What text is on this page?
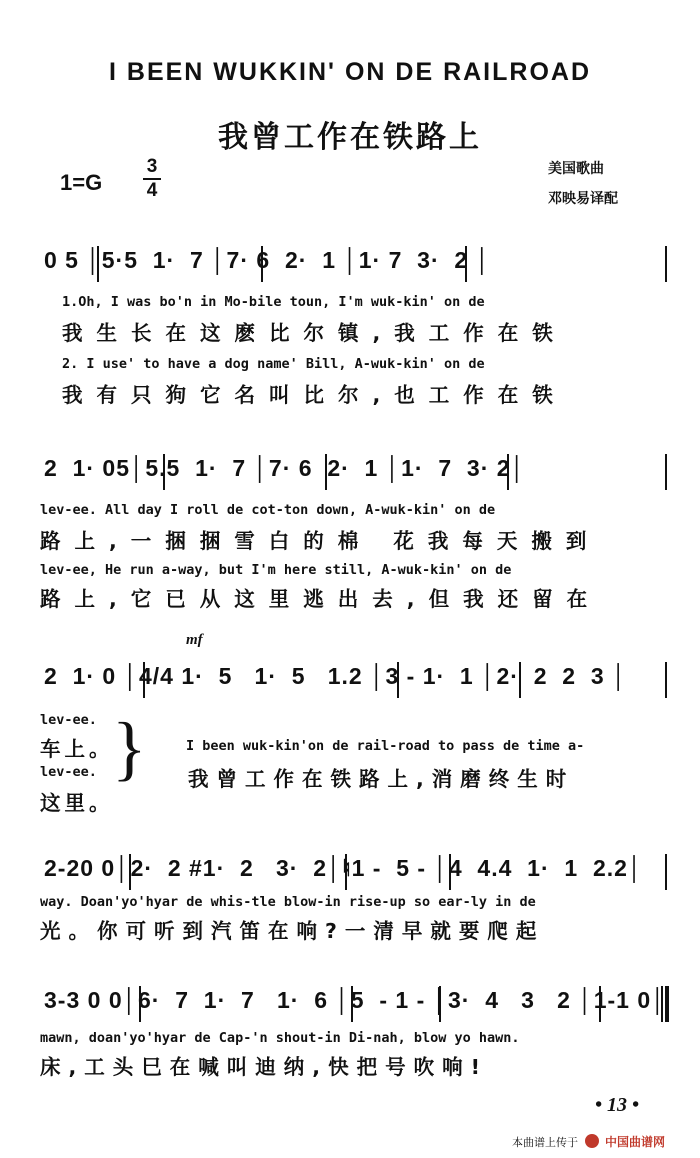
I BEEN WUKKIN' ON DE RAILROAD
我曾工作在铁路上
1=G
3
4
美国歌曲
邓映易译配
0 5 │5·5  1·  7 │7· 6  2·  1 │1· 7  3·  2 │
1.Oh, I was bo'n in Mo-bile toun, I'm wuk-kin' on de
我生长在这麽比尔镇,我工作在铁
2. I use' to have a dog name' Bill, A-wuk-kin' on de
我有只狗它名叫比尔,也工作在铁
2  1· 05│5.5  1·  7 │7· 6  2·  1 │1·  7  3· 2│
lev-ee. All day I roll de cot-ton down, A-wuk-kin' on de
路上,一捆捆雪白的棉 花我每天搬到
lev-ee, He run a-way, but I'm here still, A-wuk-kin' on de
路上,它已从这里逃出去,但我还留在
mf
2  1· 0 │4/4 1·  5   1·  5   1.2 │3 - 1·  1 │2·  2  2  3 │
lev-ee.
车上。
lev-ee.
这里。
}	I been wuk-kin'on de rail-road to pass de time a-
我曾工作在铁路上,消磨终生时
2-20 0│2·  2 #1·  2   3·  2│♮1 -  5 - │4  4.4  1·  1  2.2│
way. Doan'yo'hyar de whis-tle blow-in rise-up so ear-ly in de
光。你可听到汽笛在响?一清早就要爬起
3-3 0 0│6·  7  1·  7   1·  6 │5  - 1 - │3·  4   3   2 │1-1 0│
mawn, doan'yo'hyar de Cap-'n shout-in Di-nah, blow yo hawn.
床,工头巳在喊叫迪纳,快把号吹响!
• 13 •
本曲谱上传于 中国曲谱网
